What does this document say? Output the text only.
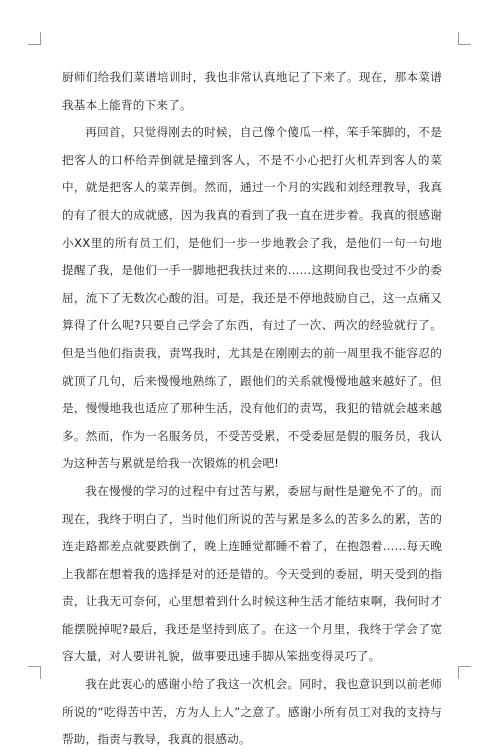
厨师们给我们菜谱培训时，我也非常认真地记了下来了。现在，那本菜谱我基本上能背的下来了。

再回首，只觉得刚去的时候，自己像个傻瓜一样，笨手笨脚的，不是把客人的口杯给弄倒就是撞到客人，不是不小心把打火机弄到客人的菜中，就是把客人的菜弄倒。然而，通过一个月的实践和刘经理教导，我真的有了很大的成就感，因为我真的看到了我一直在进步着。我真的很感谢小XX里的所有员工们，是他们一步一步地教会了我，是他们一句一句地提醒了我，是他们一手一脚地把我扶过来的……这期间我也受过不少的委屈，流下了无数次心酸的泪。可是，我还是不停地鼓励自己，这一点痛又算得了什么呢?只要自己学会了东西，有过了一次、两次的经验就行了。但是当他们指责我，责骂我时，尤其是在刚刚去的前一周里我不能容忍的就顶了几句，后来慢慢地熟练了，跟他们的关系就慢慢地越来越好了。但是，慢慢地我也适应了那种生活，没有他们的责骂，我犯的错就会越来越多。然而，作为一名服务员，不受苦受累，不受委屈是假的服务员，我认为这种苦与累就是给我一次锻炼的机会吧!

我在慢慢的学习的过程中有过苦与累，委屈与耐性是避免不了的。而现在，我终于明白了，当时他们所说的苦与累是多么的苦多么的累，苦的连走路都差点就要跌倒了，晚上连睡觉都睡不着了，在抱怨着……每天晚上我都在想着我的选择是对的还是错的。今天受到的委屈，明天受到的指责，让我无可奈何，心里想着到什么时候这种生活才能结束啊，我何时才能摆脱掉呢?最后，我还是坚持到底了。在这一个月里，我终于学会了宽容大量，对人要讲礼貌，做事要迅速手脚从笨拙变得灵巧了。

我在此衷心的感谢小给了我这一次机会。同时，我也意识到以前老师所说的“吃得苦中苦，方为人上人”之意了。感谢小所有员工对我的支持与帮助，指责与教导，我真的很感动。
